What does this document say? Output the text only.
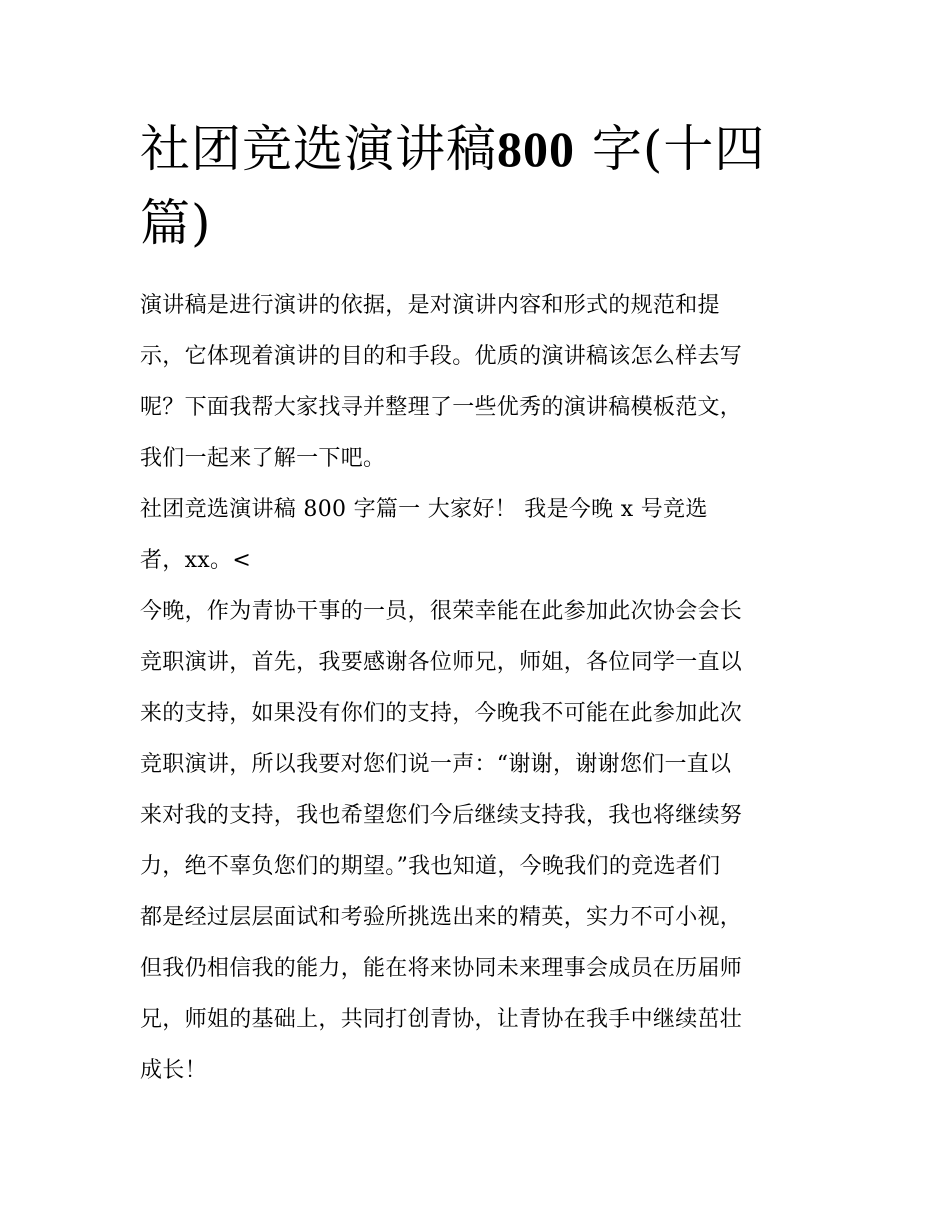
社团竞选演讲稿800 字(十四
篇)

演讲稿是进行演讲的依据，是对演讲内容和形式的规范和提
示，它体现着演讲的目的和手段。优质的演讲稿该怎么样去写
呢？下面我帮大家找寻并整理了一些优秀的演讲稿模板范文，
我们一起来了解一下吧。

社团竞选演讲稿 800 字篇一 大家好！ 我是今晚 x 号竞选
者，xx。<

今晚，作为青协干事的一员，很荣幸能在此参加此次协会会长
竞职演讲，首先，我要感谢各位师兄，师姐，各位同学一直以
来的支持，如果没有你们的支持，今晚我不可能在此参加此次
竞职演讲，所以我要对您们说一声：“谢谢，谢谢您们一直以
来对我的支持，我也希望您们今后继续支持我，我也将继续努
力，绝不辜负您们的期望。”我也知道，今晚我们的竞选者们
都是经过层层面试和考验所挑选出来的精英，实力不可小视，
但我仍相信我的能力，能在将来协同未来理事会成员在历届师
兄，师姐的基础上，共同打创青协，让青协在我手中继续茁壮
成长！
